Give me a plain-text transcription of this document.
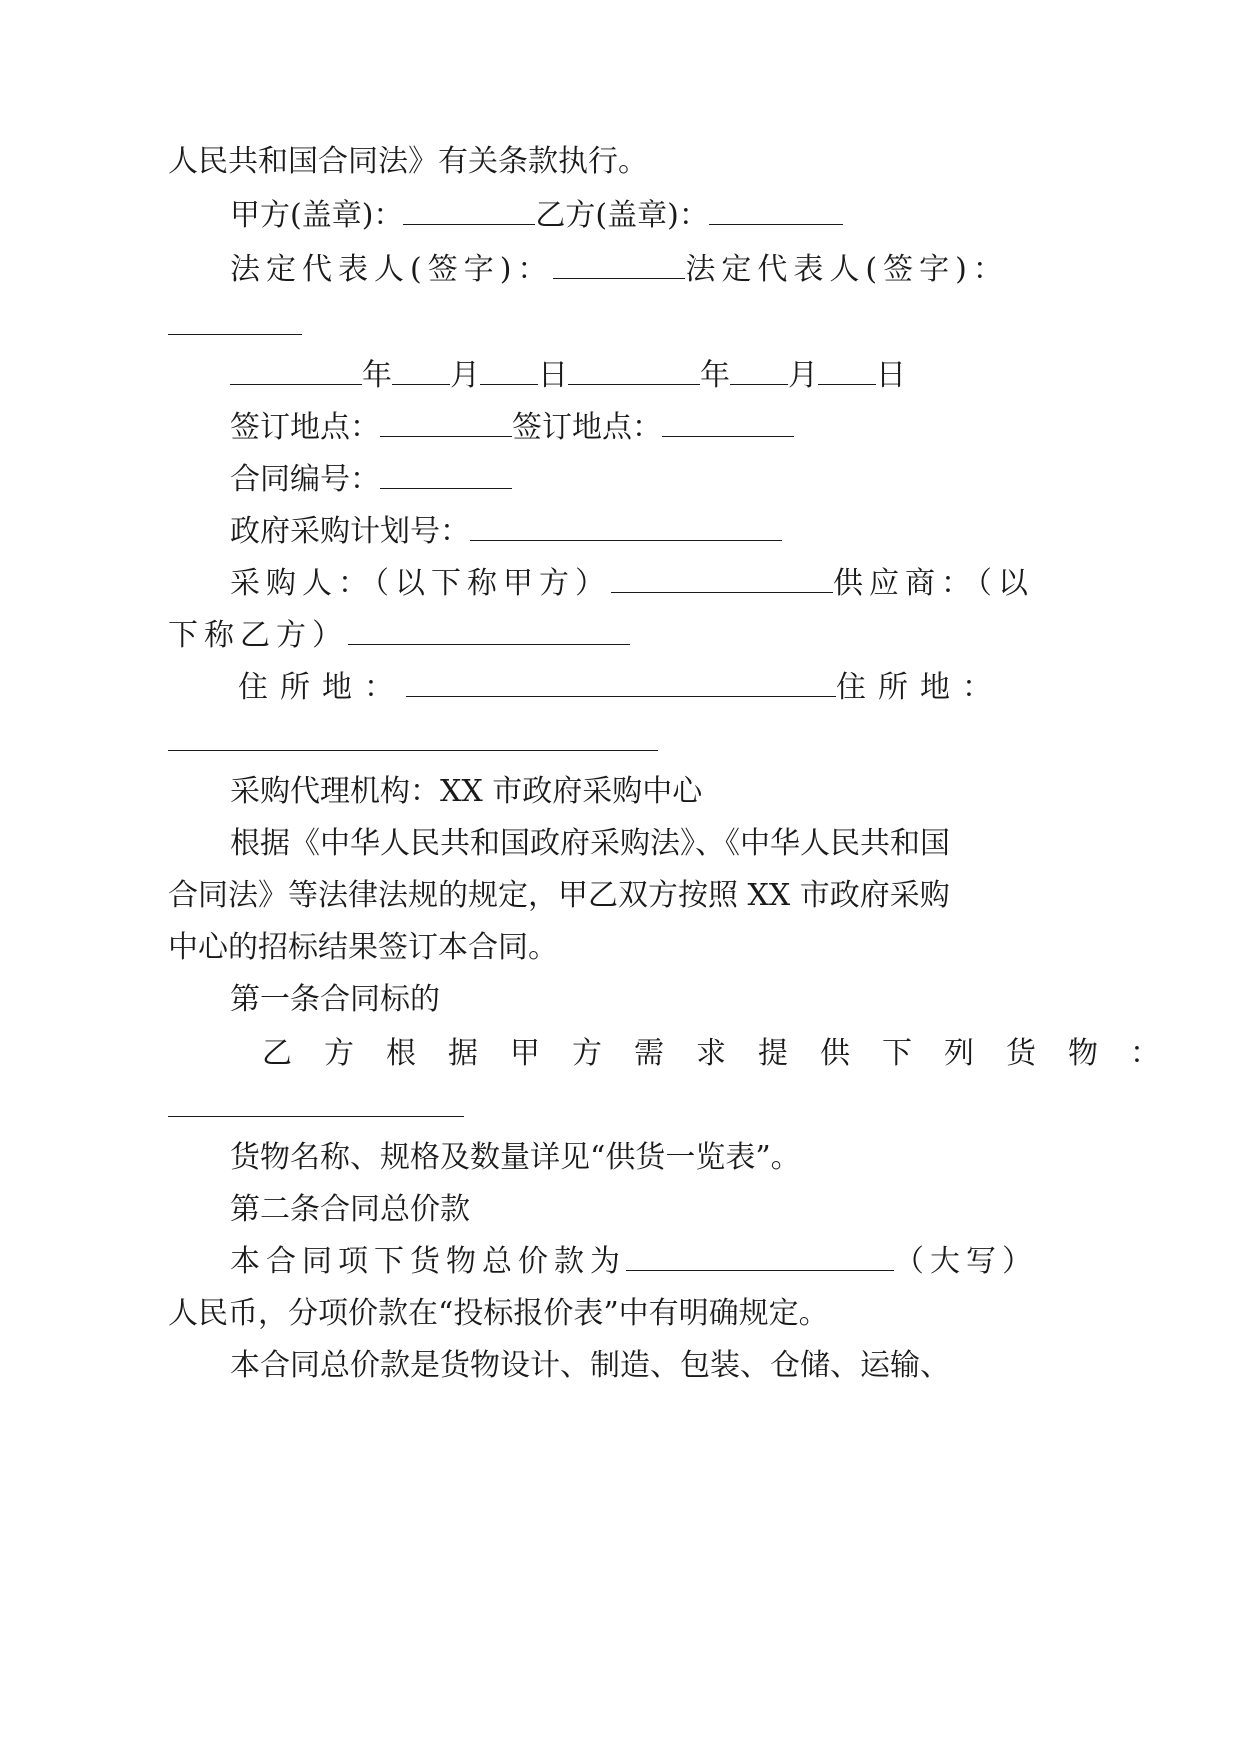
人民共和国合同法》有关条款执行。
甲方(盖章)：	乙方(盖章)：
法定代表人(签字)：	法定代表人(签字)：
年 月 日	年 月 日
签订地点：	签订地点：
合同编号：
政府采购计划号：
采购人：（以下称甲方）	供应商：（以
下称乙方）
住所地：	住所地：
采购代理机构：XX 市政府采购中心
根据《中华人民共和国政府采购法》、《中华人民共和国
合同法》等法律法规的规定，甲乙双方按照 XX 市政府采购
中心的招标结果签订本合同。
第一条合同标的
乙方根据甲方需求提供下列货物：
货物名称、规格及数量详见“供货一览表”。
第二条合同总价款
本合同项下货物总价款为	（大写）
人民币，分项价款在“投标报价表”中有明确规定。
本合同总价款是货物设计、制造、包装、仓储、运输、
